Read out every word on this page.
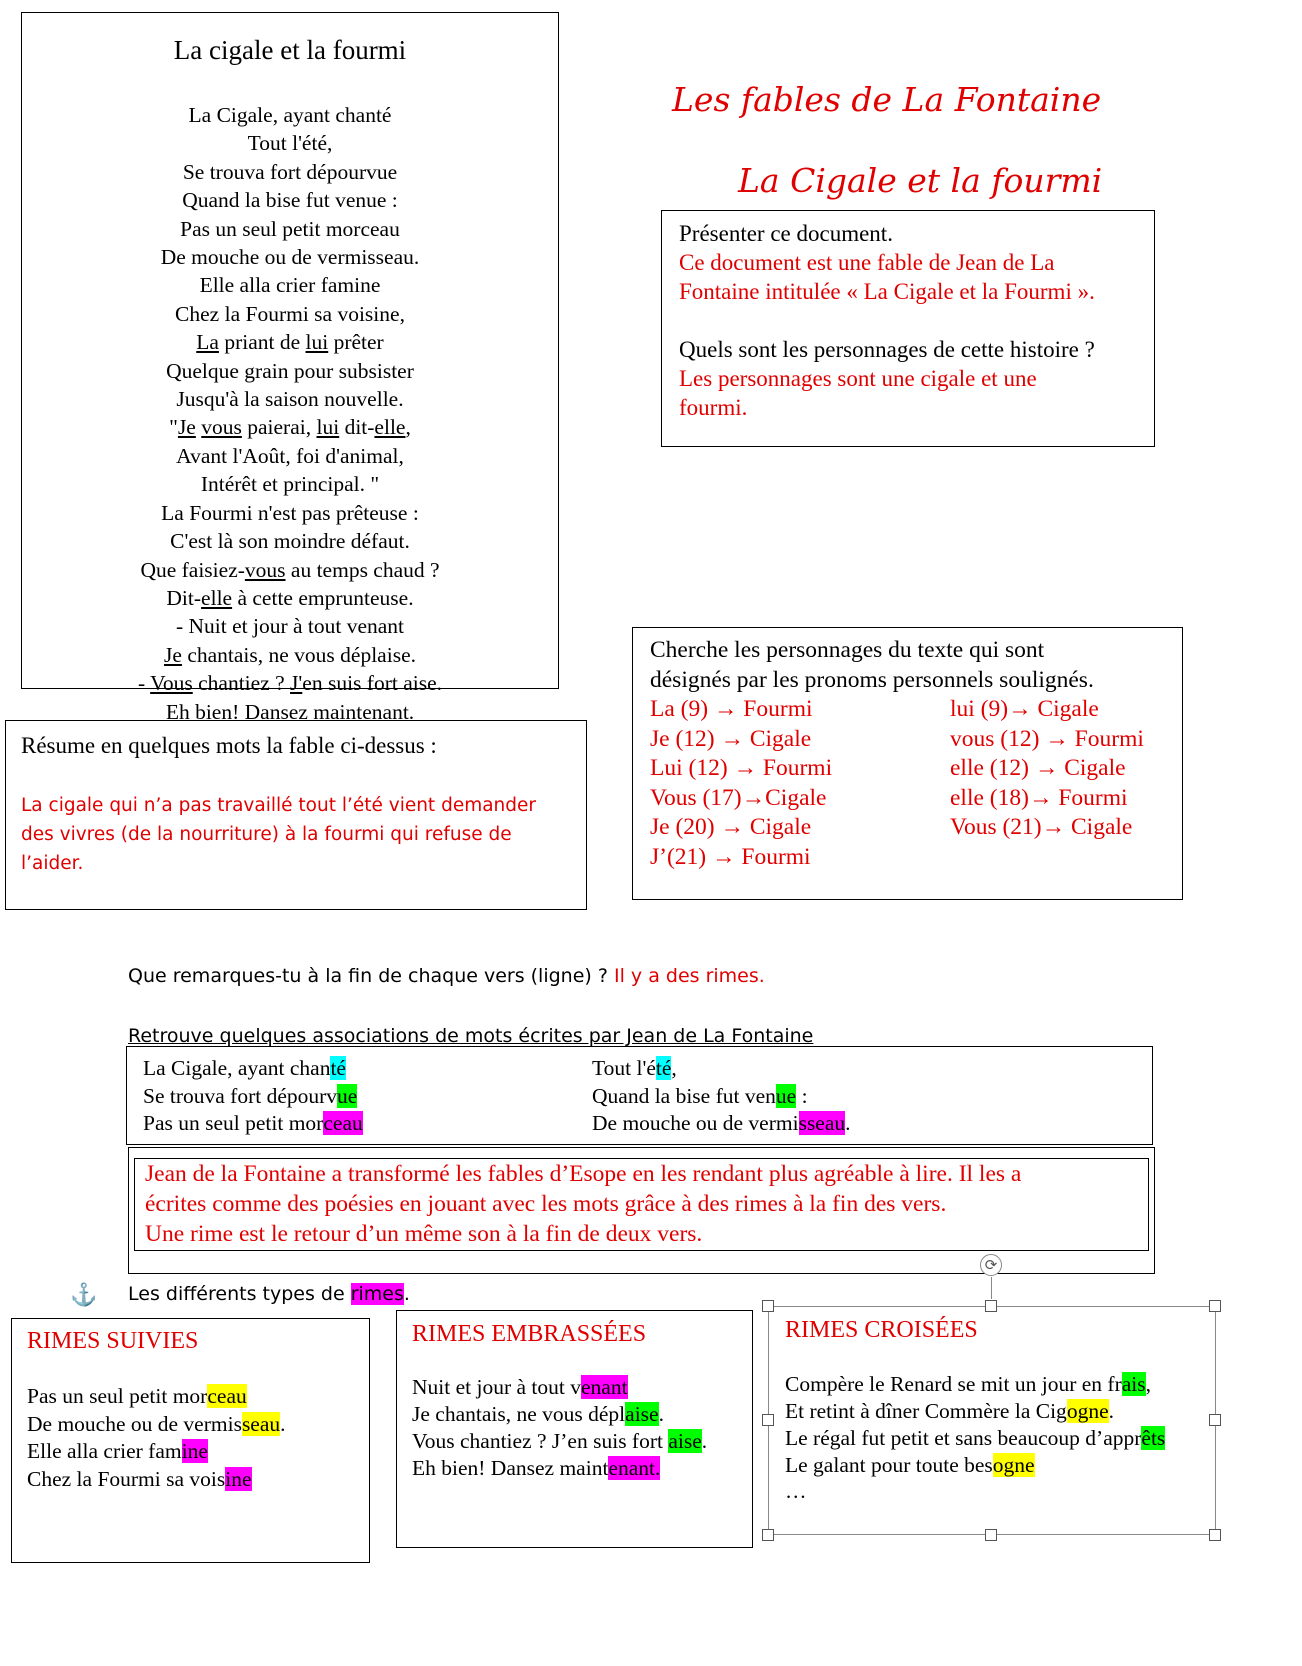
La cigale et la fourmi
La Cigale, ayant chanté
Tout l'été,
Se trouva fort dépourvue
Quand la bise fut venue :
Pas un seul petit morceau
De mouche ou de vermisseau.
Elle alla crier famine
Chez la Fourmi sa voisine,
La priant de lui prêter
Quelque grain pour subsister
Jusqu'à la saison nouvelle.
"Je vous paierai, lui dit-elle,
Avant l'Août, foi d'animal,
Intérêt et principal. "
La Fourmi n'est pas prêteuse :
C'est là son moindre défaut.
Que faisiez-vous au temps chaud ?
Dit-elle à cette emprunteuse.
- Nuit et jour à tout venant
Je chantais, ne vous déplaise.
- Vous chantiez ? J'en suis fort aise.
Eh bien! Dansez maintenant.
Les fables de La Fontaine
La Cigale et la fourmi
Présenter ce document.
Ce document est une fable de Jean de La
Fontaine intitulée « La Cigale et la Fourmi ».
Quels sont les personnages de cette histoire ?
Les personnages sont une cigale et une
fourmi.
Résume en quelques mots la fable ci-dessus :
La cigale qui n’a pas travaillé tout l’été vient demander
des vivres (de la nourriture) à la fourmi qui refuse de
l’aider.
Cherche les personnages du texte qui sont
désignés par les pronoms personnels soulignés.
La (9) → Fourmi
Je (12) → Cigale
Lui (12) → Fourmi
Vous (17)→Cigale
Je (20) → Cigale
J’(21) → Fourmi
lui (9)→ Cigale
vous (12) → Fourmi
elle (12) → Cigale
elle (18)→ Fourmi
Vous (21)→ Cigale
Que remarques-tu à la fin de chaque vers (ligne) ? Il y a des rimes.
Retrouve quelques associations de mots écrites par Jean de La Fontaine
La Cigale, ayant chanté
Se trouva fort dépourvue
Pas un seul petit morceau
Tout l'été,
Quand la bise fut venue :
De mouche ou de vermisseau.
Jean de la Fontaine a transformé les fables d’Esope en les rendant plus agréable à lire. Il les a
écrites comme des poésies en jouant avec les mots grâce à des rimes à la fin des vers.
Une rime est le retour d’un même son à la fin de deux vers.
⚓ Les différents types de rimes.
RIMES SUIVIES
Pas un seul petit morceau
De mouche ou de vermisseau.
Elle alla crier famine
Chez la Fourmi sa voisine
RIMES EMBRASSÉES
Nuit et jour à tout venant
Je chantais, ne vous déplaise.
Vous chantiez ? J’en suis fort aise.
Eh bien! Dansez maintenant.
RIMES CROISÉES
Compère le Renard se mit un jour en frais,
Et retint à dîner Commère la Cigogne.
Le régal fut petit et sans beaucoup d’apprêts
Le galant pour toute besogne
…
⟳
